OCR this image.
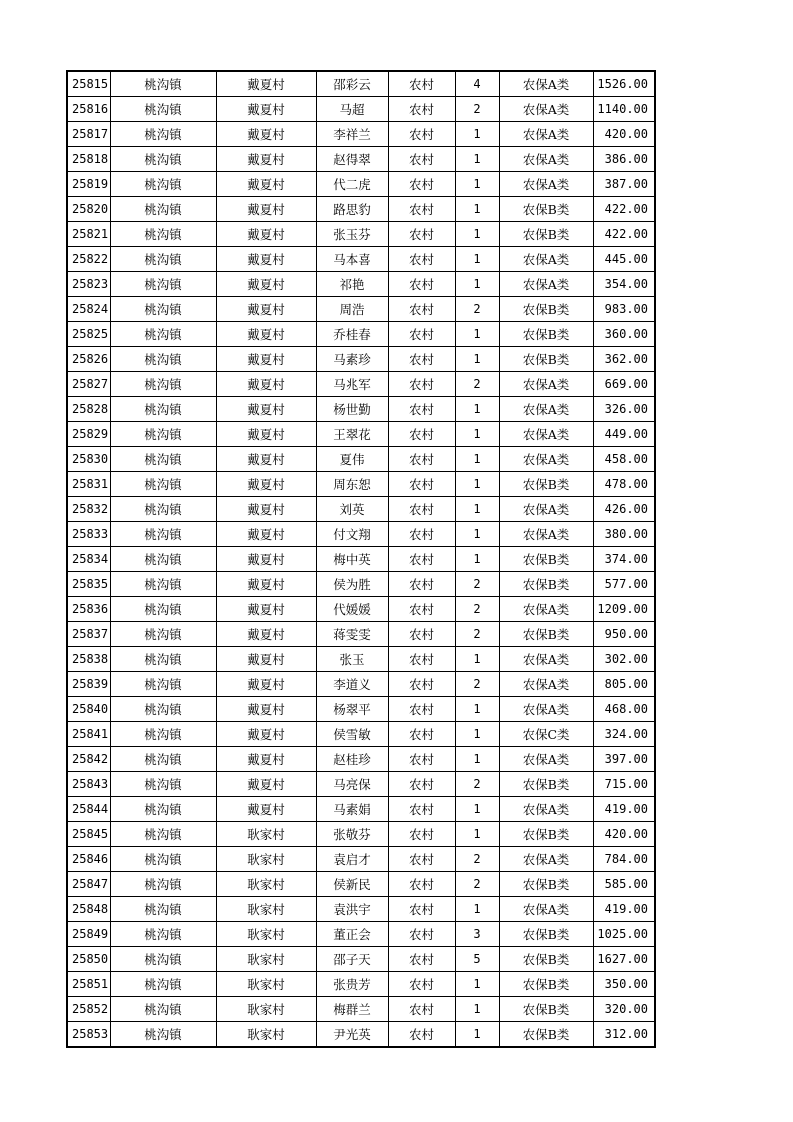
25815	桃沟镇	戴夏村	邵彩云	农村	4	农保A类	1526.00
25816	桃沟镇	戴夏村	马超	农村	2	农保A类	1140.00
25817	桃沟镇	戴夏村	李祥兰	农村	1	农保A类	420.00
25818	桃沟镇	戴夏村	赵得翠	农村	1	农保A类	386.00
25819	桃沟镇	戴夏村	代二虎	农村	1	农保A类	387.00
25820	桃沟镇	戴夏村	路思豹	农村	1	农保B类	422.00
25821	桃沟镇	戴夏村	张玉芬	农村	1	农保B类	422.00
25822	桃沟镇	戴夏村	马本喜	农村	1	农保A类	445.00
25823	桃沟镇	戴夏村	祁艳	农村	1	农保A类	354.00
25824	桃沟镇	戴夏村	周浩	农村	2	农保B类	983.00
25825	桃沟镇	戴夏村	乔桂春	农村	1	农保B类	360.00
25826	桃沟镇	戴夏村	马素珍	农村	1	农保B类	362.00
25827	桃沟镇	戴夏村	马兆军	农村	2	农保A类	669.00
25828	桃沟镇	戴夏村	杨世勤	农村	1	农保A类	326.00
25829	桃沟镇	戴夏村	王翠花	农村	1	农保A类	449.00
25830	桃沟镇	戴夏村	夏伟	农村	1	农保A类	458.00
25831	桃沟镇	戴夏村	周东恕	农村	1	农保B类	478.00
25832	桃沟镇	戴夏村	刘英	农村	1	农保A类	426.00
25833	桃沟镇	戴夏村	付文翔	农村	1	农保A类	380.00
25834	桃沟镇	戴夏村	梅中英	农村	1	农保B类	374.00
25835	桃沟镇	戴夏村	侯为胜	农村	2	农保B类	577.00
25836	桃沟镇	戴夏村	代媛媛	农村	2	农保A类	1209.00
25837	桃沟镇	戴夏村	蒋雯雯	农村	2	农保B类	950.00
25838	桃沟镇	戴夏村	张玉	农村	1	农保A类	302.00
25839	桃沟镇	戴夏村	李道义	农村	2	农保A类	805.00
25840	桃沟镇	戴夏村	杨翠平	农村	1	农保A类	468.00
25841	桃沟镇	戴夏村	侯雪敏	农村	1	农保C类	324.00
25842	桃沟镇	戴夏村	赵桂珍	农村	1	农保A类	397.00
25843	桃沟镇	戴夏村	马亮保	农村	2	农保B类	715.00
25844	桃沟镇	戴夏村	马素娟	农村	1	农保A类	419.00
25845	桃沟镇	耿家村	张敬芬	农村	1	农保B类	420.00
25846	桃沟镇	耿家村	袁启才	农村	2	农保A类	784.00
25847	桃沟镇	耿家村	侯新民	农村	2	农保B类	585.00
25848	桃沟镇	耿家村	袁洪宇	农村	1	农保A类	419.00
25849	桃沟镇	耿家村	董正会	农村	3	农保B类	1025.00
25850	桃沟镇	耿家村	邵子天	农村	5	农保B类	1627.00
25851	桃沟镇	耿家村	张贵芳	农村	1	农保B类	350.00
25852	桃沟镇	耿家村	梅群兰	农村	1	农保B类	320.00
25853	桃沟镇	耿家村	尹光英	农村	1	农保B类	312.00
